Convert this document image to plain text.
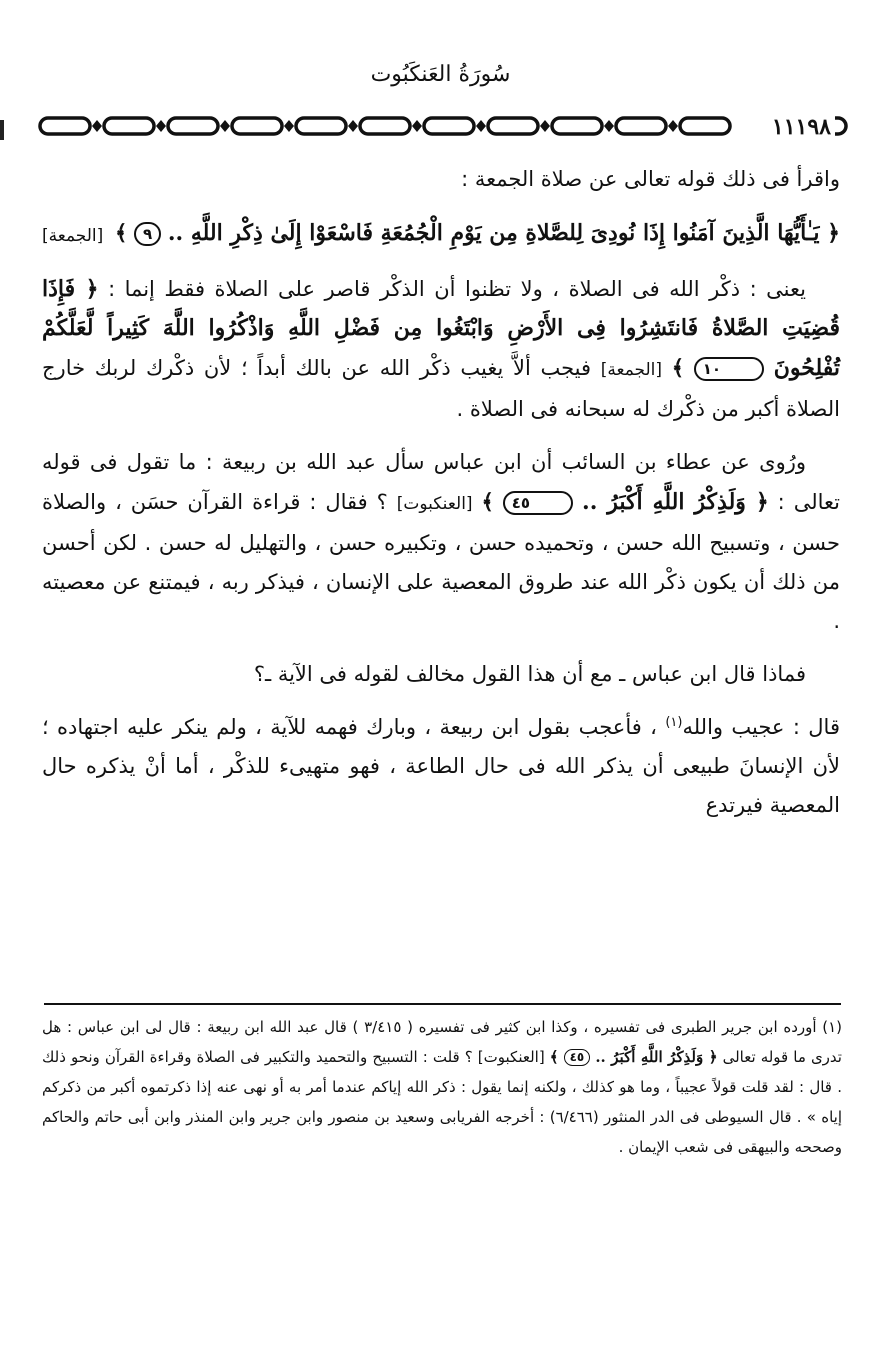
سُورَةُ العَنكَبُوت
١١١٩٨

واقرأ فى ذلك قوله تعالى عن صلاة الجمعة :

﴿ يَـٰأَيُّهَا الَّذِينَ آمَنُوا إِذَا نُودِىَ لِلصَّلاةِ مِن يَوْمِ الْجُمُعَةِ فَاسْعَوْا إِلَىٰ ذِكْرِ اللَّهِ .. ٩ ﴾
[الجمعة]

يعنى : ذكْر الله فى الصلاة ، ولا تظنوا أن الذكْر قاصر على الصلاة فقط إنما : ﴿ فَإِذَا قُضِيَتِ الصَّلاةُ فَانتَشِرُوا فِى الأَرْضِ وَابْتَغُوا مِن فَضْلِ اللَّهِ وَاذْكُرُوا اللَّهَ كَثِيراً لَّعَلَّكُمْ تُفْلِحُونَ ١٠ ﴾ [الجمعة] فيجب ألاَّ يغيب ذكْر الله عن بالك أبداً ؛ لأن ذكْرك لربك خارج الصلاة أكبر من ذكْرك له سبحانه فى الصلاة .

ورُوى عن عطاء بن السائب أن ابن عباس سأل عبد الله بن ربيعة : ما تقول فى قوله تعالى : ﴿ وَلَذِكْرُ اللَّهِ أَكْبَرُ .. ٤٥ ﴾ [العنكبوت] ؟ فقال : قراءة القرآن حسَن ، والصلاة حسن ، وتسبيح الله حسن ، وتحميده حسن ، وتكبيره حسن ، والتهليل له حسن . لكن أحسن من ذلك أن يكون ذكْر الله عند طروق المعصية على الإنسان ، فيذكر ربه ، فيمتنع عن معصيته .

فماذا قال ابن عباس ـ مع أن هذا القول مخالف لقوله فى الآية ـ؟

قال : عجيب والله$^{(١)}$ ، فأعجب بقول ابن ربيعة ، وبارك فهمه للآية ، ولم ينكر عليه اجتهاده ؛ لأن الإنسانَ طبيعى أن يذكر الله فى حال الطاعة ، فهو متهيىء للذكْر ، أما أنْ يذكره حال المعصية فيرتدع

(١) أورده ابن جرير الطبرى فى تفسيره ، وكذا ابن كثير فى تفسيره ( ٣/٤١٥ ) قال عبد الله ابن ربيعة : قال لى ابن عباس : هل تدرى ما قوله تعالى ﴿ وَلَذِكْرُ اللَّهِ أَكْبَرُ .. ٤٥ ﴾ [العنكبوت] ؟ قلت : التسبيح والتحميد والتكبير فى الصلاة وقراءة القرآن ونحو ذلك . قال : لقد قلت قولاً عجيباً ، وما هو كذلك ، ولكنه إنما يقول : ذكر الله إياكم عندما أمر به أو نهى عنه إذا ذكرتموه أكبر من ذكركم إياه » . قال السيوطى فى الدر المنثور (٦/٤٦٦) : أخرجه الفريابى وسعيد بن منصور وابن جرير وابن المنذر وابن أبى حاتم والحاكم وصححه والبيهقى فى شعب الإيمان .
